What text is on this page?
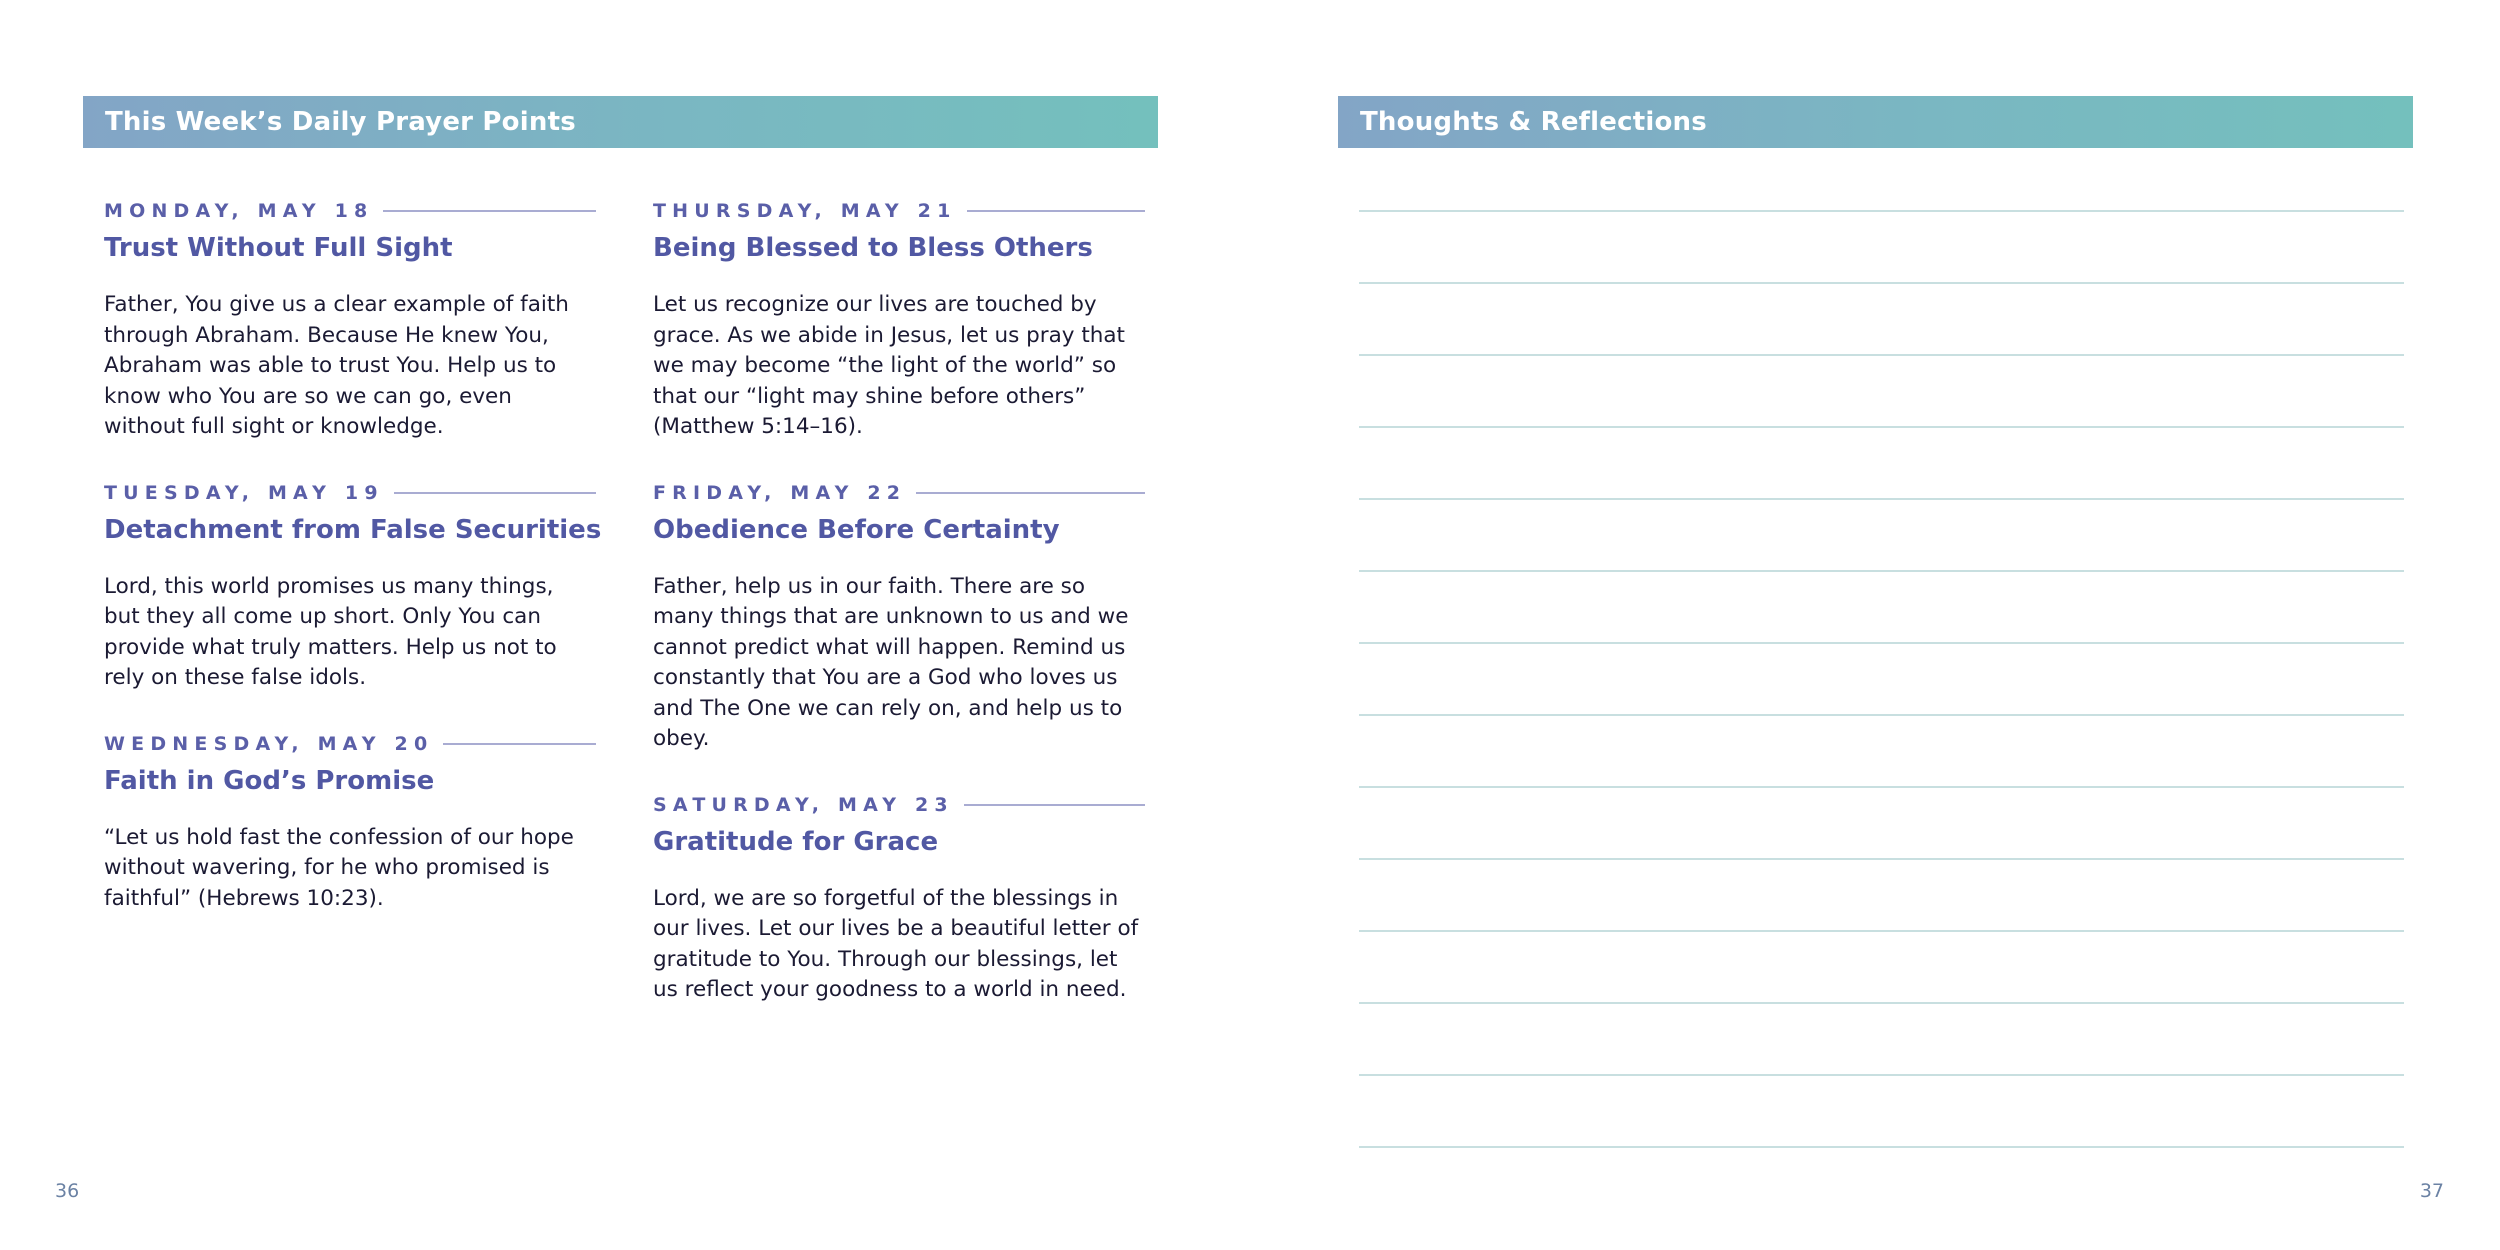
This Week’s Daily Prayer Points
MONDAY, MAY 18
Trust Without Full Sight
Father, You give us a clear example of faith through Abraham. Because He knew You, Abraham was able to trust You. Help us to know who You are so we can go, even without full sight or knowledge.
TUESDAY, MAY 19
Detachment from False Securities
Lord, this world promises us many things, but they all come up short. Only You can provide what truly matters. Help us not to rely on these false idols.
WEDNESDAY, MAY 20
Faith in God’s Promise
“Let us hold fast the confession of our hope without wavering, for he who promised is faithful” (Hebrews 10:23).
THURSDAY, MAY 21
Being Blessed to Bless Others
Let us recognize our lives are touched by grace. As we abide in Jesus, let us pray that we may become “the light of the world” so that our “light may shine before others” (Matthew 5:14–16).
FRIDAY, MAY 22
Obedience Before Certainty
Father, help us in our faith. There are so many things that are unknown to us and we cannot predict what will happen. Remind us constantly that You are a God who loves us and The One we can rely on, and help us to obey.
SATURDAY, MAY 23
Gratitude for Grace
Lord, we are so forgetful of the blessings in our lives. Let our lives be a beautiful letter of gratitude to You. Through our blessings, let us reflect your goodness to a world in need.
36
Thoughts & Reflections
37
